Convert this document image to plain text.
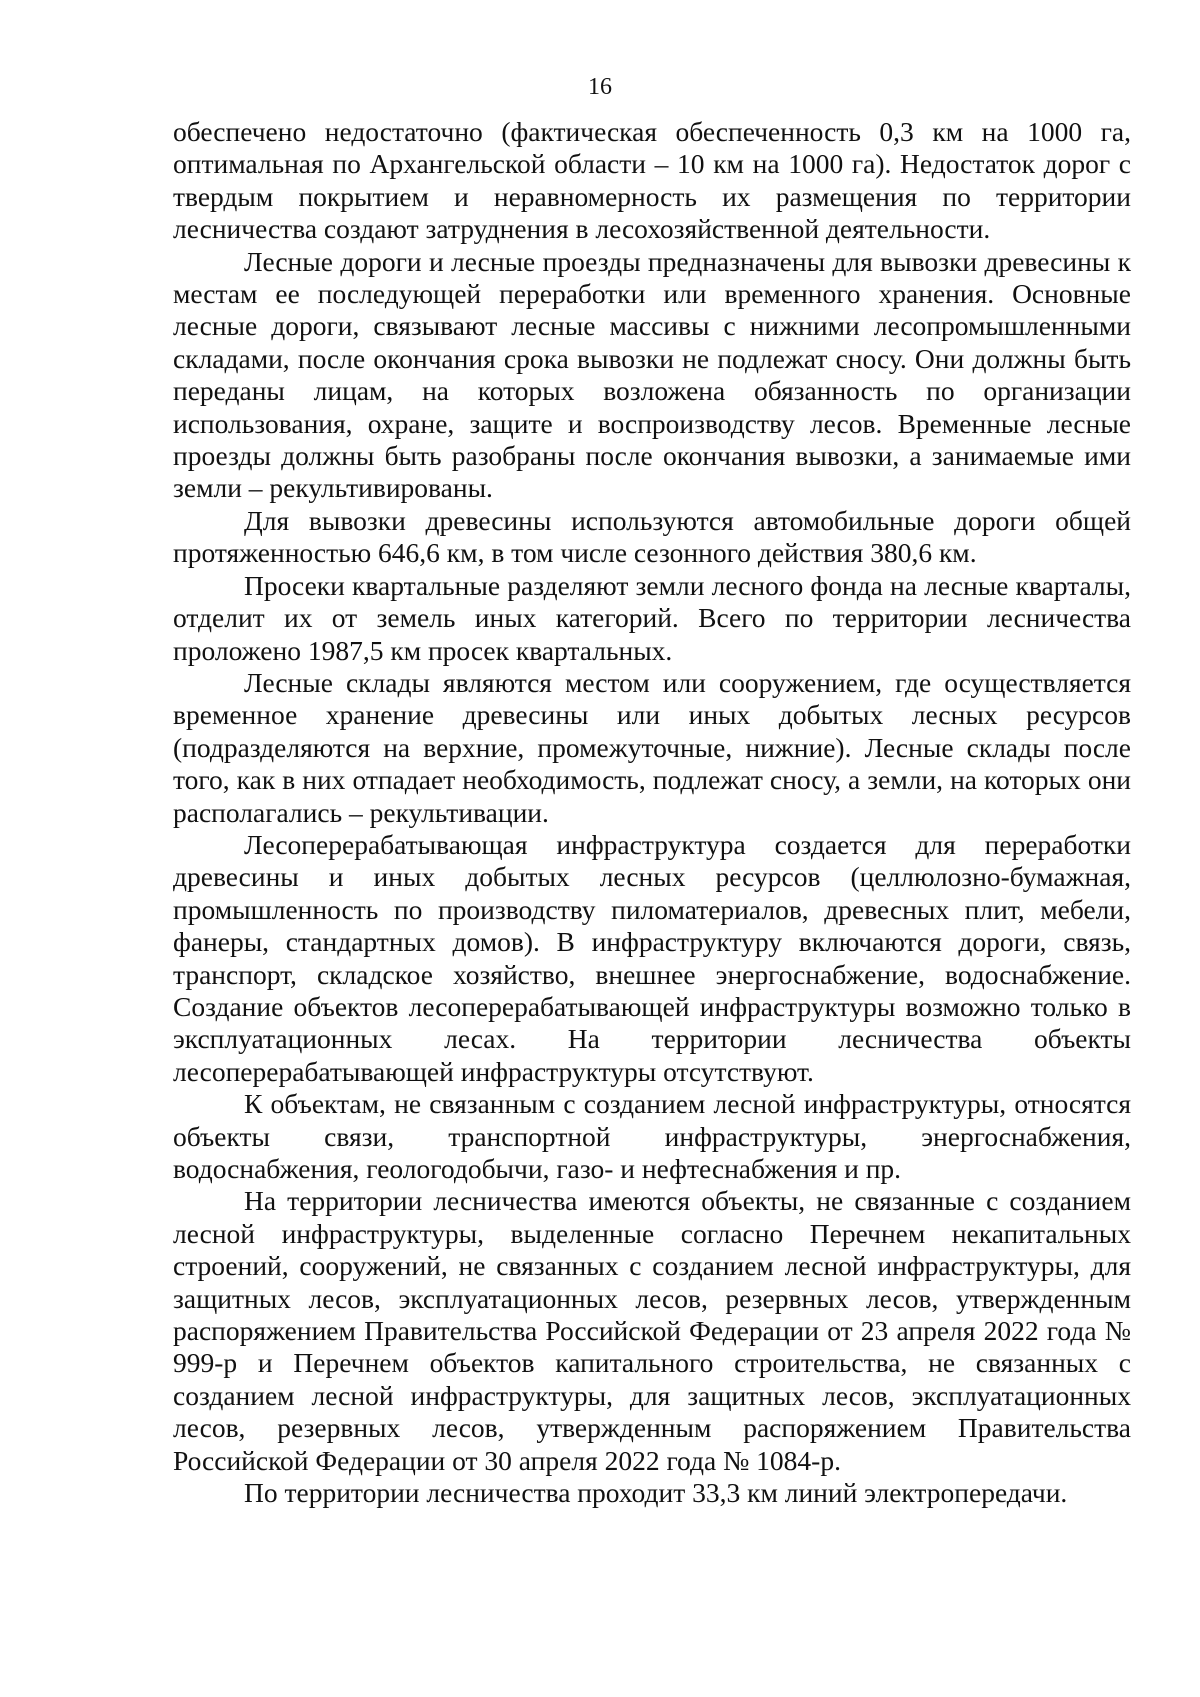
16

обеспечено недостаточно (фактическая обеспеченность 0,3 км на 1000 га, оптимальная по Архангельской области – 10 км на 1000 га). Недостаток дорог с твердым покрытием и неравномерность их размещения по территории лесничества создают затруднения в лесохозяйственной деятельности.

Лесные дороги и лесные проезды предназначены для вывозки древесины к местам ее последующей переработки или временного хранения. Основные лесные дороги, связывают лесные массивы с нижними лесопромышленными складами, после окончания срока вывозки не подлежат сносу. Они должны быть переданы лицам, на которых возложена обязанность по организации использования, охране, защите и воспроизводству лесов. Временные лесные проезды должны быть разобраны после окончания вывозки, а занимаемые ими земли – рекультивированы.

Для вывозки древесины используются автомобильные дороги общей протяженностью 646,6 км, в том числе сезонного действия 380,6 км.

Просеки квартальные разделяют земли лесного фонда на лесные кварталы, отделит их от земель иных категорий. Всего по территории лесничества проложено 1987,5 км просек квартальных.

Лесные склады являются местом или сооружением, где осуществляется временное хранение древесины или иных добытых лесных ресурсов (подразделяются на верхние, промежуточные, нижние). Лесные склады после того, как в них отпадает необходимость, подлежат сносу, а земли, на которых они располагались – рекультивации.

Лесоперерабатывающая инфраструктура создается для переработки древесины и иных добытых лесных ресурсов (целлюлозно-бумажная, промышленность по производству пиломатериалов, древесных плит, мебели, фанеры, стандартных домов). В инфраструктуру включаются дороги, связь, транспорт, складское хозяйство, внешнее энергоснабжение, водоснабжение. Создание объектов лесоперерабатывающей инфраструктуры возможно только в эксплуатационных лесах. На территории лесничества объекты лесоперерабатывающей инфраструктуры отсутствуют.

К объектам, не связанным с созданием лесной инфраструктуры, относятся объекты связи, транспортной инфраструктуры, энергоснабжения, водоснабжения, геологодобычи, газо- и нефтеснабжения и пр.

На территории лесничества имеются объекты, не связанные с созданием лесной инфраструктуры, выделенные согласно Перечнем некапитальных строений, сооружений, не связанных с созданием лесной инфраструктуры, для защитных лесов, эксплуатационных лесов, резервных лесов, утвержденным распоряжением Правительства Российской Федерации от 23 апреля 2022 года № 999-р и Перечнем объектов капитального строительства, не связанных с созданием лесной инфраструктуры, для защитных лесов, эксплуатационных лесов, резервных лесов, утвержденным распоряжением Правительства Российской Федерации от 30 апреля 2022 года № 1084-р.

По территории лесничества проходит 33,3 км линий электропередачи.
